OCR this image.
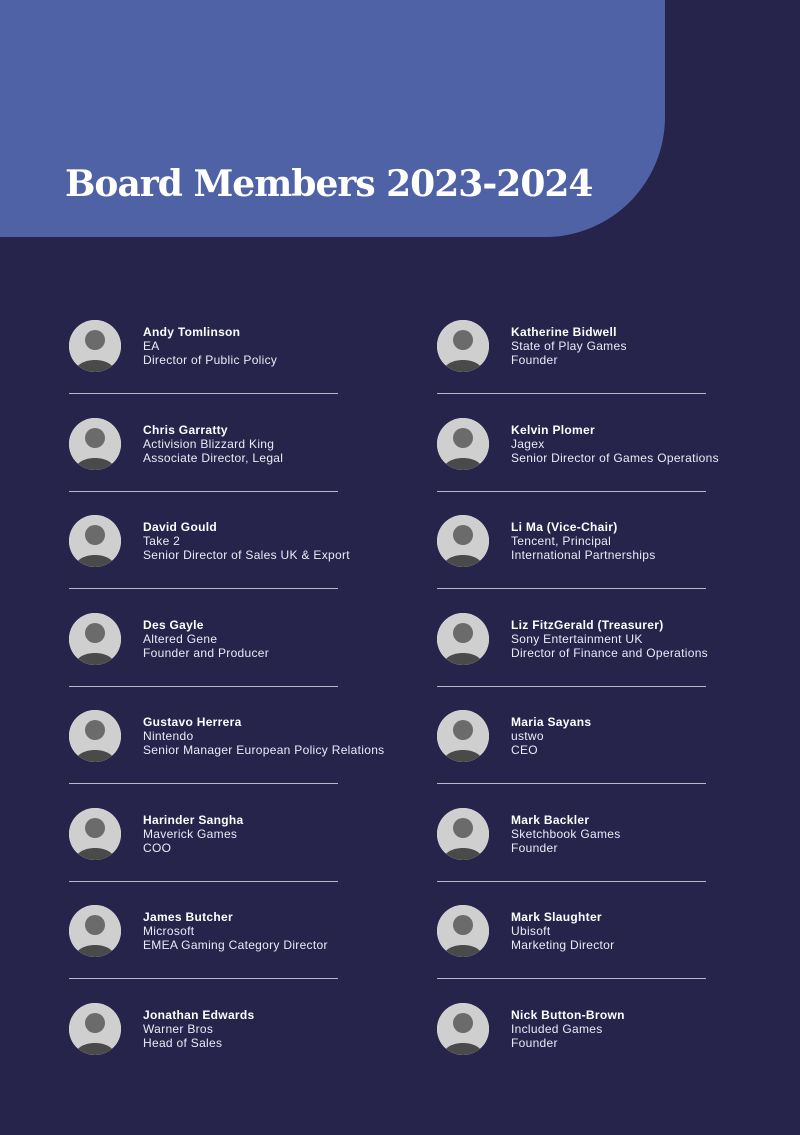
Board Members 2023-2024
Andy Tomlinson
EA
Director of Public Policy
Chris Garratty
Activision Blizzard King
Associate Director, Legal
David Gould
Take 2
Senior Director of Sales UK & Export
Des Gayle
Altered Gene
Founder and Producer
Gustavo Herrera
Nintendo
Senior Manager European Policy Relations
Harinder Sangha
Maverick Games
COO
James Butcher
Microsoft
EMEA Gaming Category Director
Jonathan Edwards
Warner Bros
Head of Sales
Katherine Bidwell
State of Play Games
Founder
Kelvin Plomer
Jagex
Senior Director of Games Operations
Li Ma (Vice-Chair)
Tencent, Principal
International Partnerships
Liz FitzGerald (Treasurer)
Sony Entertainment UK
Director of Finance and Operations
Maria Sayans
ustwo
CEO
Mark Backler
Sketchbook Games
Founder
Mark Slaughter
Ubisoft
Marketing Director
Nick Button-Brown
Included Games
Founder
